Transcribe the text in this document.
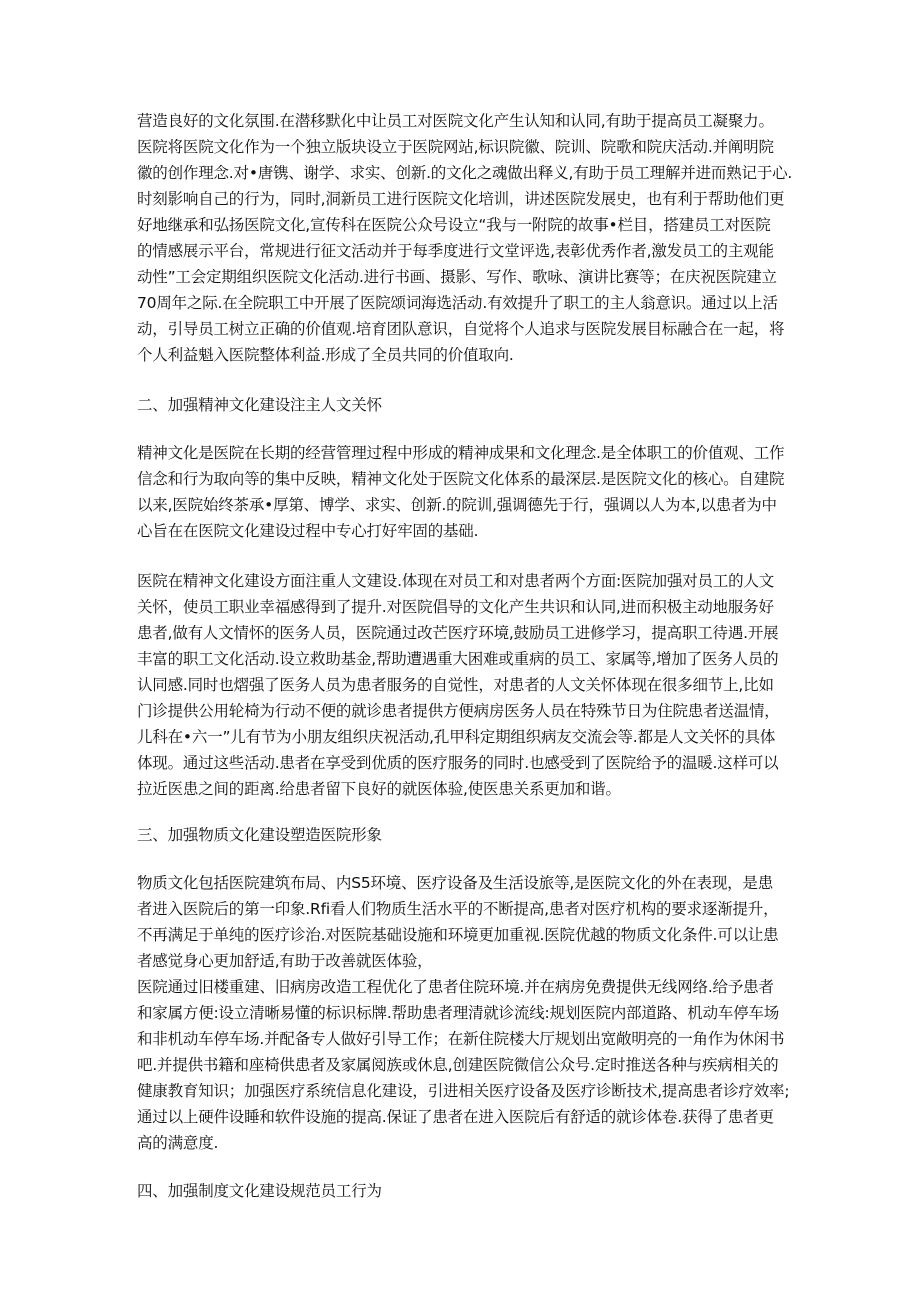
营造良好的文化氛围.在潜移默化中让员工对医院文化产生认知和认同,有助于提高员工凝聚力。
医院将医院文化作为一个独立版块设立于医院网站,标识院徽、院训、院歌和院庆活动.并阐明院
徽的创作理念.对•唐镌、谢学、求实、创新.的文化之魂做出释义,有助于员工理解并进而熟记于心.
时刻影响自己的行为，同时,洞新员工进行医院文化培训，讲述医院发展史，也有利于帮助他们更
好地继承和弘扬医院文化,宣传科在医院公众号设立“我与一附院的故事•栏目，搭建员工对医院
的情感展示平台，常规进行征文活动并于每季度进行文堂评选,表彰优秀作者,激发员工的主观能
动性”工会定期组织医院文化活动.进行书画、摄影、写作、歌咏、演讲比赛等；在庆祝医院建立
70周年之际.在全院职工中开展了医院颂词海选活动.有效提升了职工的主人翁意识。通过以上活
动，引导员工树立正确的价值观.培育团队意识，自觉将个人追求与医院发展目标融合在一起，将
个人利益魁入医院整体利益.形成了全员共同的价值取向.
二、加强精神文化建设注主人文关怀
精神文化是医院在长期的经营管理过程中形成的精神成果和文化理念.是全体职工的价值观、工作
信念和行为取向等的集中反映，精神文化处于医院文化体系的最深层.是医院文化的核心。自建院
以来,医院始终茶承•厚第、博学、求实、创新.的院训,强调德先于行，强调以人为本,以患者为中
心旨在在医院文化建设过程中专心打好牢固的基础.
医院在精神文化建设方面注重人文建设.体现在对员工和对患者两个方面:医院加强对员工的人文
关怀，使员工职业幸福感得到了提升.对医院倡导的文化产生共识和认同,进而积极主动地服务好
患者,做有人文情怀的医务人员，医院通过改芒医疗环境,鼓励员工进修学习，提高职工待遇.开展
丰富的职工文化活动.设立救助基金,帮助遭遇重大困难或重病的员工、家属等,增加了医务人员的
认同感.同时也熠强了医务人员为患者服务的自觉性，对患者的人文关怀体现在很多细节上,比如
门诊提供公用轮椅为行动不便的就诊患者提供方便病房医务人员在特殊节日为住院患者送温情，
儿科在•六一”儿有节为小朋友组织庆祝活动,孔甲科定期组织病友交流会等.都是人文关怀的具体
体现。通过这些活动.患者在享受到优质的医疗服务的同时.也感受到了医院给予的温暖.这样可以
拉近医患之间的距离.给患者留下良好的就医体验,使医患关系更加和谐。
三、加强物质文化建设塑造医院形象
物质文化包括医院建筑布局、内S5环境、医疗设备及生活设旅等,是医院文化的外在表现，是患
者进入医院后的第一印象.Rfi看人们物质生活水平的不断提高,患者对医疗机构的要求逐渐提升，
不再满足于单纯的医疗诊治.对医院基础设施和环境更加重视.医院优越的物质文化条件.可以让患
者感觉身心更加舒适,有助于改善就医体验，
医院通过旧楼重建、旧病房改造工程优化了患者住院环境.并在病房免费提供无线网络.给予患者
和家属方便:设立清晰易懂的标识标牌.帮助患者理清就诊流线:规划医院内部道路、机动车停车场
和非机动车停车场.并配备专人做好引导工作；在新住院楼大厅规划出宽敞明亮的一角作为休闲书
吧.并提供书籍和座椅供患者及家属阅族或休息,创建医院微信公众号.定时推送各种与疾病相关的
健康教育知识；加强医疗系统信息化建设，引进相关医疗设备及医疗诊断技术,提高患者诊疗效率;
通过以上硬件设睡和软件设施的提高.保证了患者在进入医院后有舒适的就诊体卷.获得了患者更
高的满意度.
四、加强制度文化建设规范员工行为
